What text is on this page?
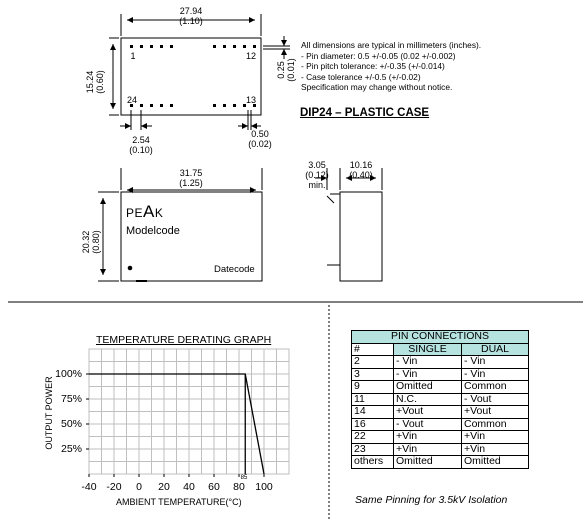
27.94
(1.10)
15.24
(0.60)
1	12
24	13
2.54
(0.10)
0.50
(0.02)
0.25
(0.01)
All dimensions are typical in millimeters (inches).
- Pin diameter: 0.5 +/-0.05 (0.02 +/-0.002)
- Pin pitch tolerance: +/-0.35 (+/-0.014)
- Case tolerance +/-0.5 (+/-0.02)
Specification may change without notice.
DIP24 – PLASTIC CASE
31.75
(1.25)
20.32
(0.80)
PEAK
Modelcode
Datecode
3.05
(0.12)
min.
10.16
(0.40)
TEMPERATURE DERATING GRAPH
OUTPUT POWER
AMBIENT TEMPERATURE(°C)
100%
75%
50%
25%
-40 -20	0	20	40	60	80 100
85
PIN CONNECTIONS		
#	SINGLE	DUAL
2	- Vin	- Vin
3	- Vin	- Vin
9	Omitted	Common
11	N.C.	- Vout
14	+Vout	+Vout
16	- Vout	Common
22	+Vin	+Vin
23	+Vin	+Vin
others	Omitted	Omitted
Same Pinning for 3.5kV Isolation
